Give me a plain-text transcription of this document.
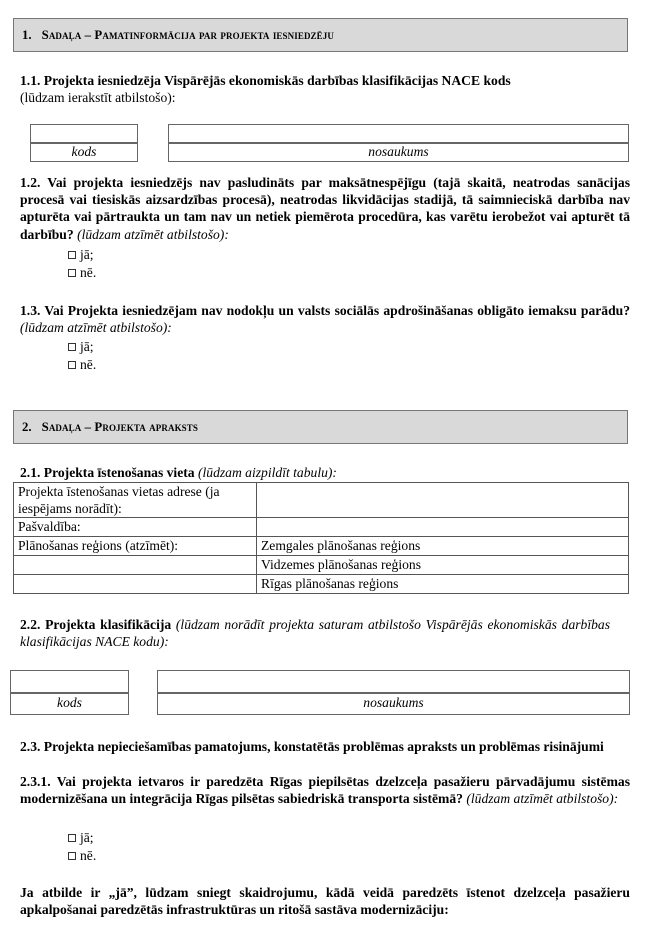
1. Sadaļa – Pamatinformācija par projekta iesniedzēju
1.1. Projekta iesniedzēja Vispārējās ekonomiskās darbības klasifikācijas NACE kods
(lūdzam ierakstīt atbilstošo):
kods	nosaukums
1.2. Vai projekta iesniedzējs nav pasludināts par maksātnespējīgu (tajā skaitā, neatrodas sanācijas procesā vai tiesiskās aizsardzības procesā), neatrodas likvidācijas stadijā, tā saimnieciskā darbība nav apturēta vai pārtraukta un tam nav un netiek piemērota procedūra, kas varētu ierobežot vai apturēt tā darbību? (lūdzam atzīmēt atbilstošo):
jā;
nē.
1.3. Vai Projekta iesniedzējam nav nodokļu un valsts sociālās apdrošināšanas obligāto iemaksu parādu? (lūdzam atzīmēt atbilstošo):
jā;
nē.
2. Sadaļa – Projekta apraksts
2.1. Projekta īstenošanas vieta (lūdzam aizpildīt tabulu):
Projekta īstenošanas vietas adrese (ja iespējams norādīt):	
Pašvaldība:	
Plānošanas reģions (atzīmēt):	Zemgales plānošanas reģions
	Vidzemes plānošanas reģions
	Rīgas plānošanas reģions
2.2. Projekta klasifikācija (lūdzam norādīt projekta saturam atbilstošo Vispārējās ekonomiskās darbības klasifikācijas NACE kodu):
kods	nosaukums
2.3. Projekta nepieciešamības pamatojums, konstatētās problēmas apraksts un problēmas risinājumi
2.3.1. Vai projekta ietvaros ir paredzēta Rīgas piepilsētas dzelzceļa pasažieru pārvadājumu sistēmas modernizēšana un integrācija Rīgas pilsētas sabiedriskā transporta sistēmā? (lūdzam atzīmēt atbilstošo):
jā;
nē.
Ja atbilde ir „jā”, lūdzam sniegt skaidrojumu, kādā veidā paredzēts īstenot dzelzceļa pasažieru apkalpošanai paredzētās infrastruktūras un ritošā sastāva modernizāciju:
